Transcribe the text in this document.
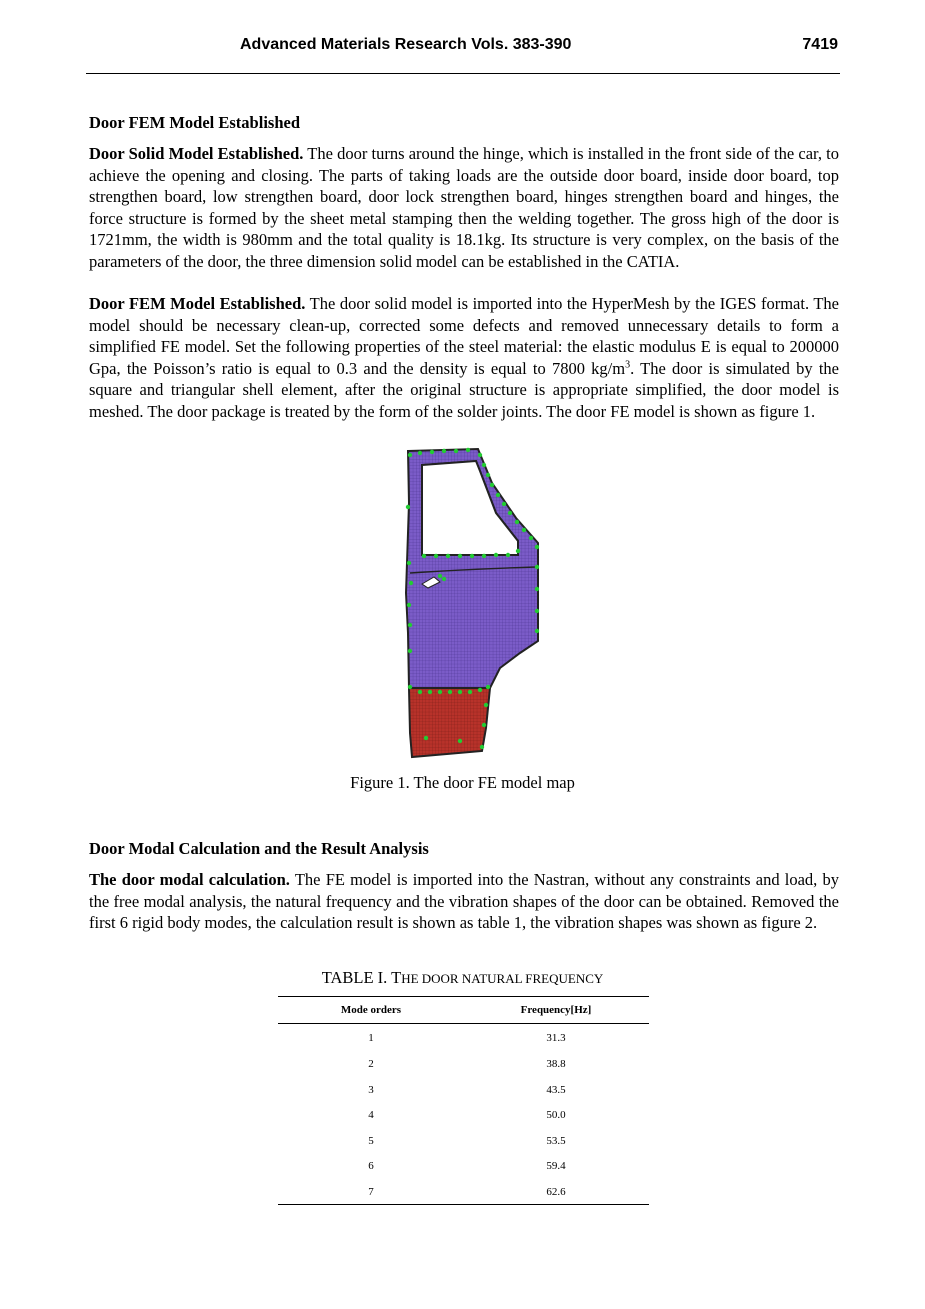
Advanced Materials Research Vols. 383-390	7419
Door FEM Model Established
Door Solid Model Established. The door turns around the hinge, which is installed in the front side of the car, to achieve the opening and closing. The parts of taking loads are the outside door board, inside door board, top strengthen board, low strengthen board, door lock strengthen board, hinges strengthen board and hinges, the force structure is formed by the sheet metal stamping then the welding together. The gross high of the door is 1721mm, the width is 980mm and the total quality is 18.1kg. Its structure is very complex, on the basis of the parameters of the door, the three dimension solid model can be established in the CATIA.
Door FEM Model Established. The door solid model is imported into the HyperMesh by the IGES format. The model should be necessary clean-up, corrected some defects and removed unnecessary details to form a simplified FE model. Set the following properties of the steel material: the elastic modulus E is equal to 200000 Gpa, the Poisson’s ratio is equal to 0.3 and the density is equal to 7800 $kg/m^3$. The door is simulated by the square and triangular shell element, after the original structure is appropriate simplified, the door model is meshed. The door package is treated by the form of the solder joints. The door FE model is shown as figure 1.
Figure 1. The door FE model map
Door Modal Calculation and the Result Analysis
The door modal calculation. The FE model is imported into the Nastran, without any constraints and load, by the free modal analysis, the natural frequency and the vibration shapes of the door can be obtained. Removed the first 6 rigid body modes, the calculation result is shown as table 1, the vibration shapes was shown as figure 2.
TABLE I. THE DOOR NATURAL FREQUENCY
Mode orders	Frequency[Hz]
1	31.3
2	38.8
3	43.5
4	50.0
5	53.5
6	59.4
7	62.6
